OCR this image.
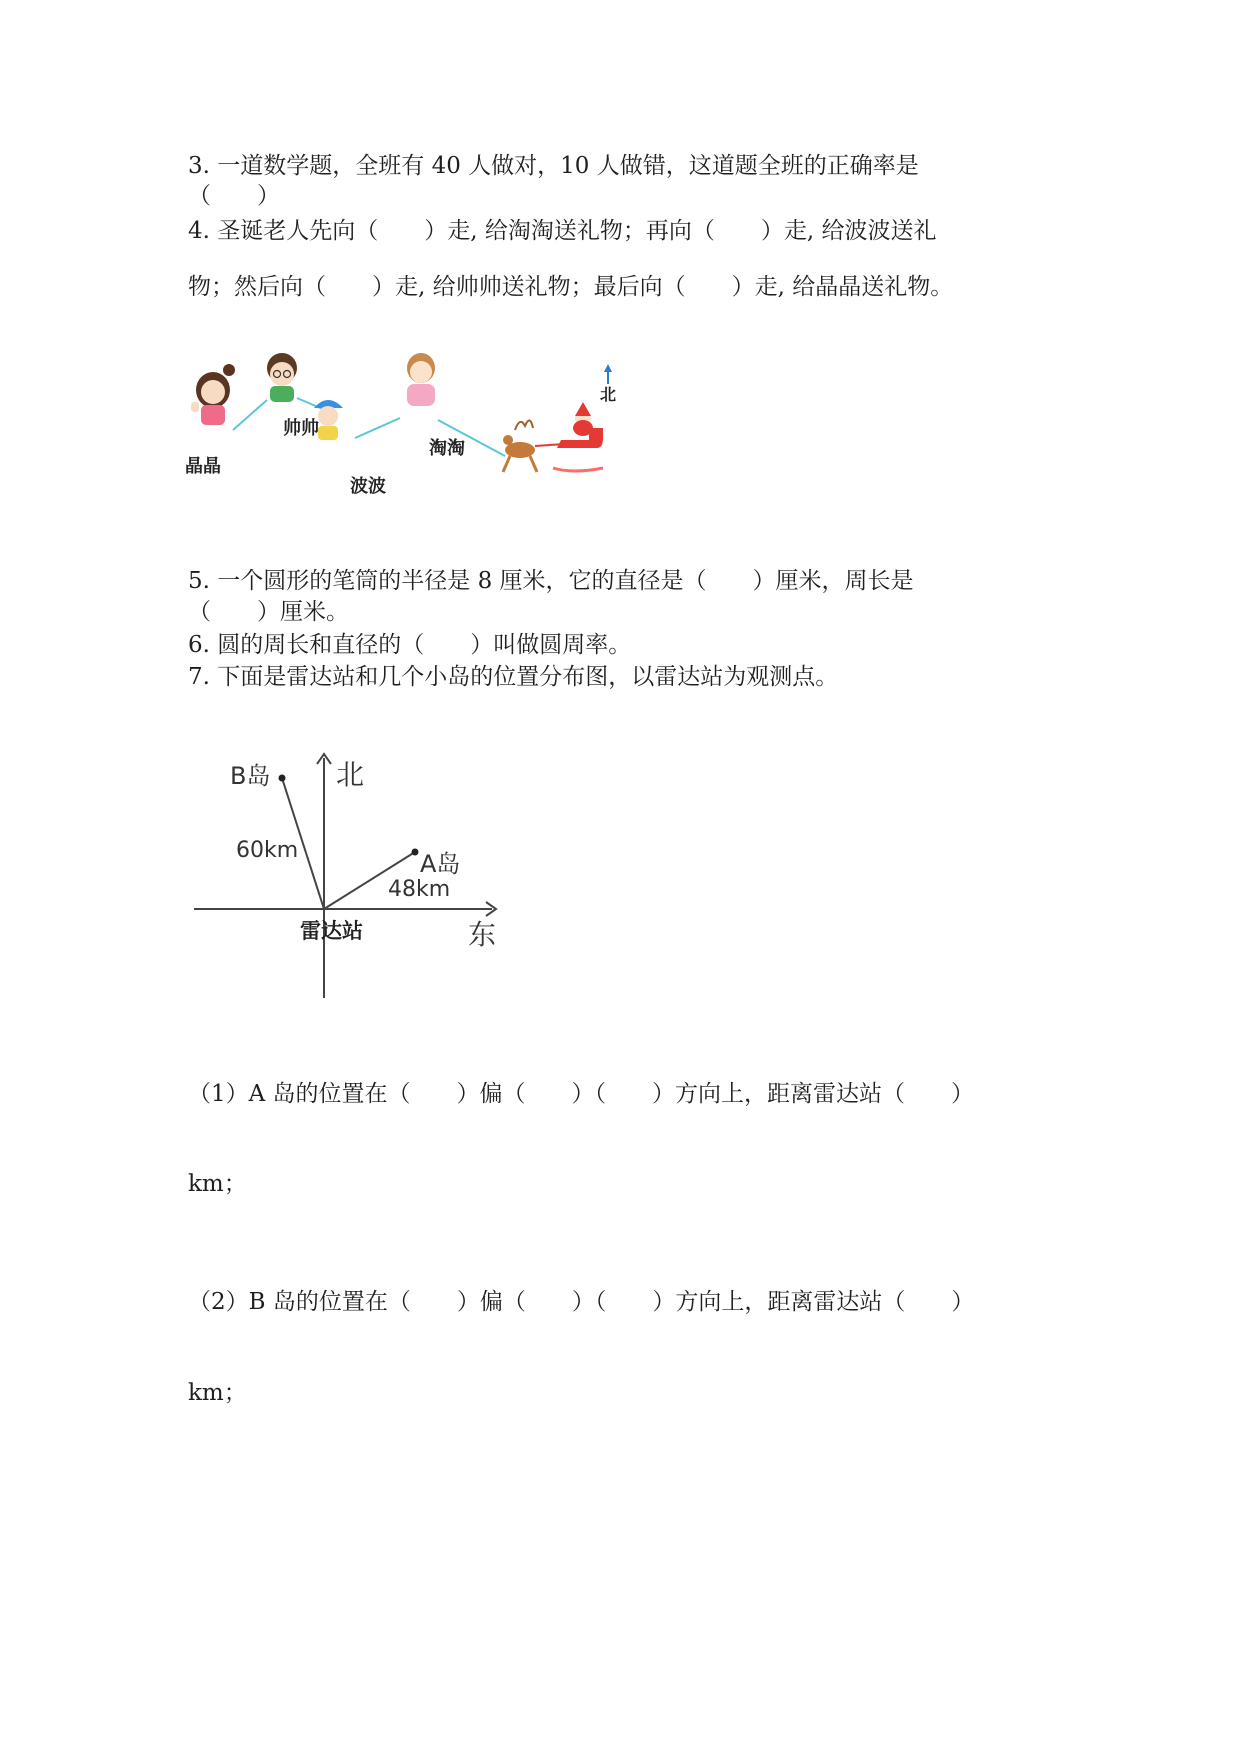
3. 一道数学题，全班有 40 人做对，10 人做错，这道题全班的正确率是
（　　）
4. 圣诞老人先向（　　）走, 给淘淘送礼物；再向（　　）走, 给波波送礼
物；然后向（　　）走, 给帅帅送礼物；最后向（　　）走, 给晶晶送礼物。
晶晶
帅帅
波波
淘淘
北
5. 一个圆形的笔筒的半径是 8 厘米，它的直径是（　　）厘米，周长是
（　　）厘米。
6. 圆的周长和直径的（　　）叫做圆周率。
7. 下面是雷达站和几个小岛的位置分布图，以雷达站为观测点。
B岛 北
60km	A岛
48km
雷达站	东
（1）A 岛的位置在（　　）偏（　　）（　　）方向上，距离雷达站（　　）
km；
（2）B 岛的位置在（　　）偏（　　）（　　）方向上，距离雷达站（　　）
km；
